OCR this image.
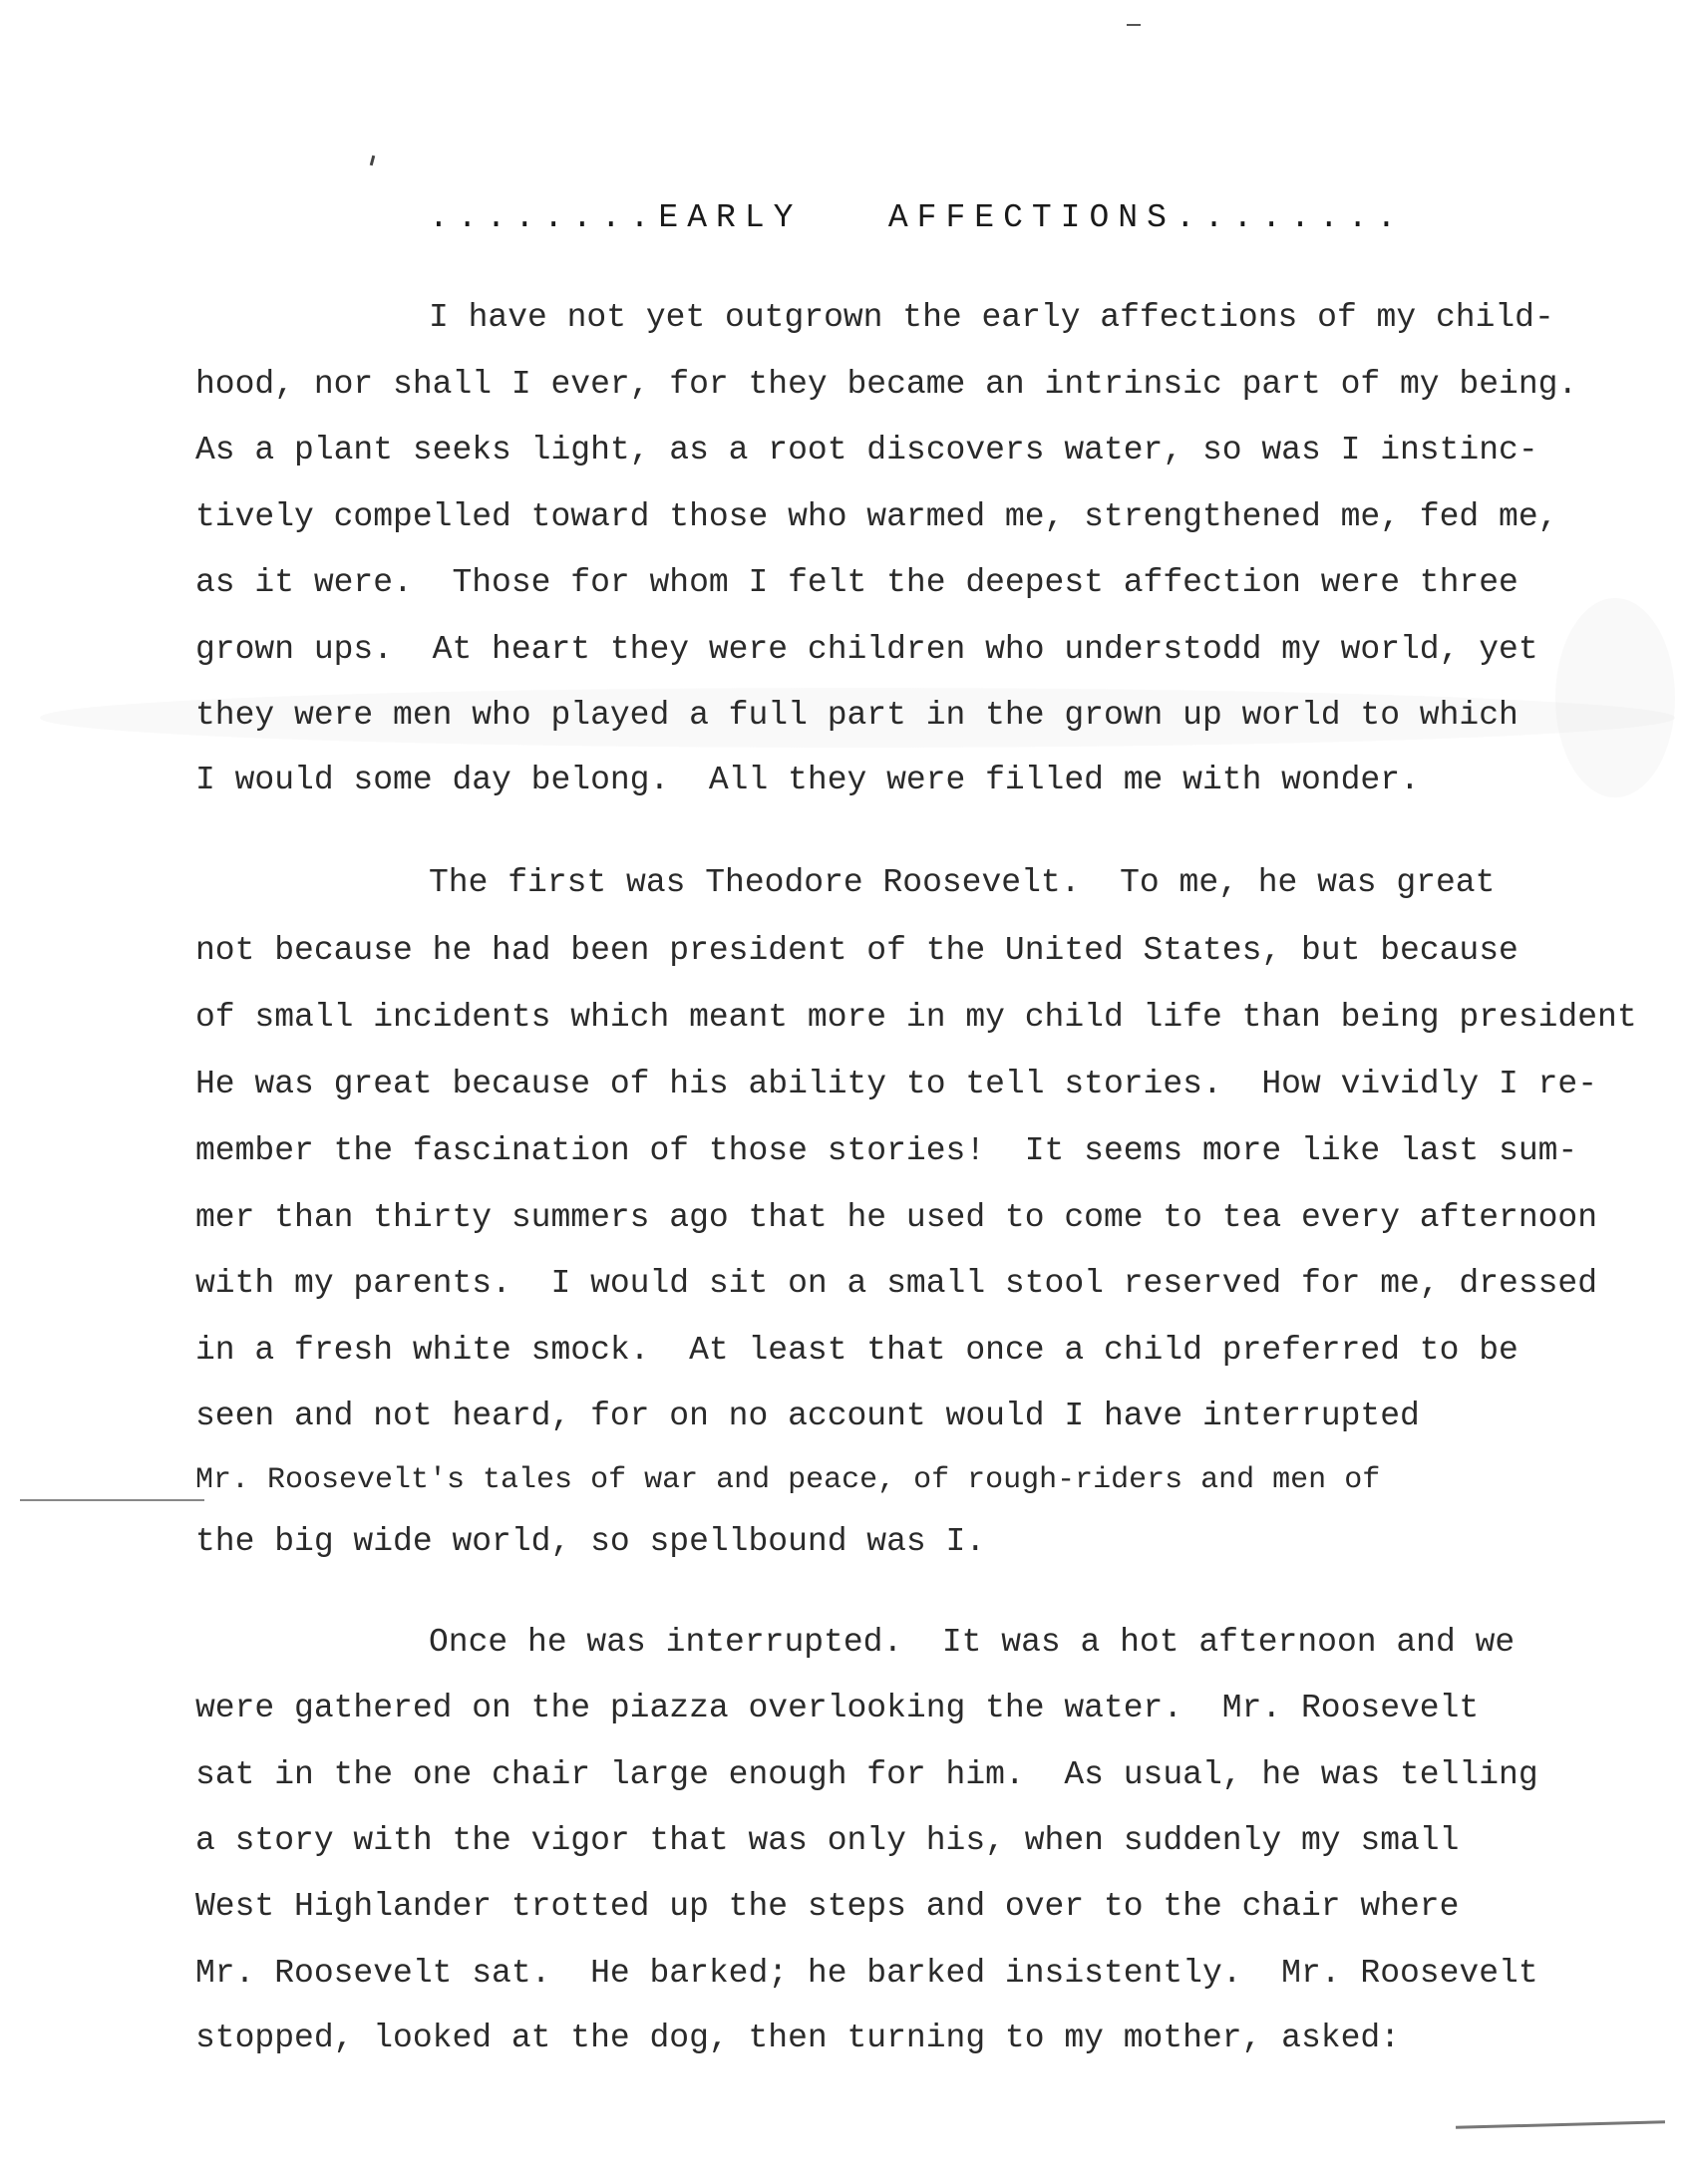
........EARLY   AFFECTIONS........
I have not yet outgrown the early affections of my child-
hood, nor shall I ever, for they became an intrinsic part of my being.
As a plant seeks light, as a root discovers water, so was I instinc-
tively compelled toward those who warmed me, strengthened me, fed me,
as it were.  Those for whom I felt the deepest affection were three
grown ups.  At heart they were children who understodd my world, yet
they were men who played a full part in the grown up world to which
I would some day belong.  All they were filled me with wonder.
The first was Theodore Roosevelt.  To me, he was great
not because he had been president of the United States, but because
of small incidents which meant more in my child life than being president
He was great because of his ability to tell stories.  How vividly I re-
member the fascination of those stories!  It seems more like last sum-
mer than thirty summers ago that he used to come to tea every afternoon
with my parents.  I would sit on a small stool reserved for me, dressed
in a fresh white smock.  At least that once a child preferred to be
seen and not heard, for on no account would I have interrupted
Mr. Roosevelt's tales of war and peace, of rough-riders and men of
the big wide world, so spellbound was I.
Once he was interrupted.  It was a hot afternoon and we
were gathered on the piazza overlooking the water.  Mr. Roosevelt
sat in the one chair large enough for him.  As usual, he was telling
a story with the vigor that was only his, when suddenly my small
West Highlander trotted up the steps and over to the chair where
Mr. Roosevelt sat.  He barked; he barked insistently.  Mr. Roosevelt
stopped, looked at the dog, then turning to my mother, asked:
